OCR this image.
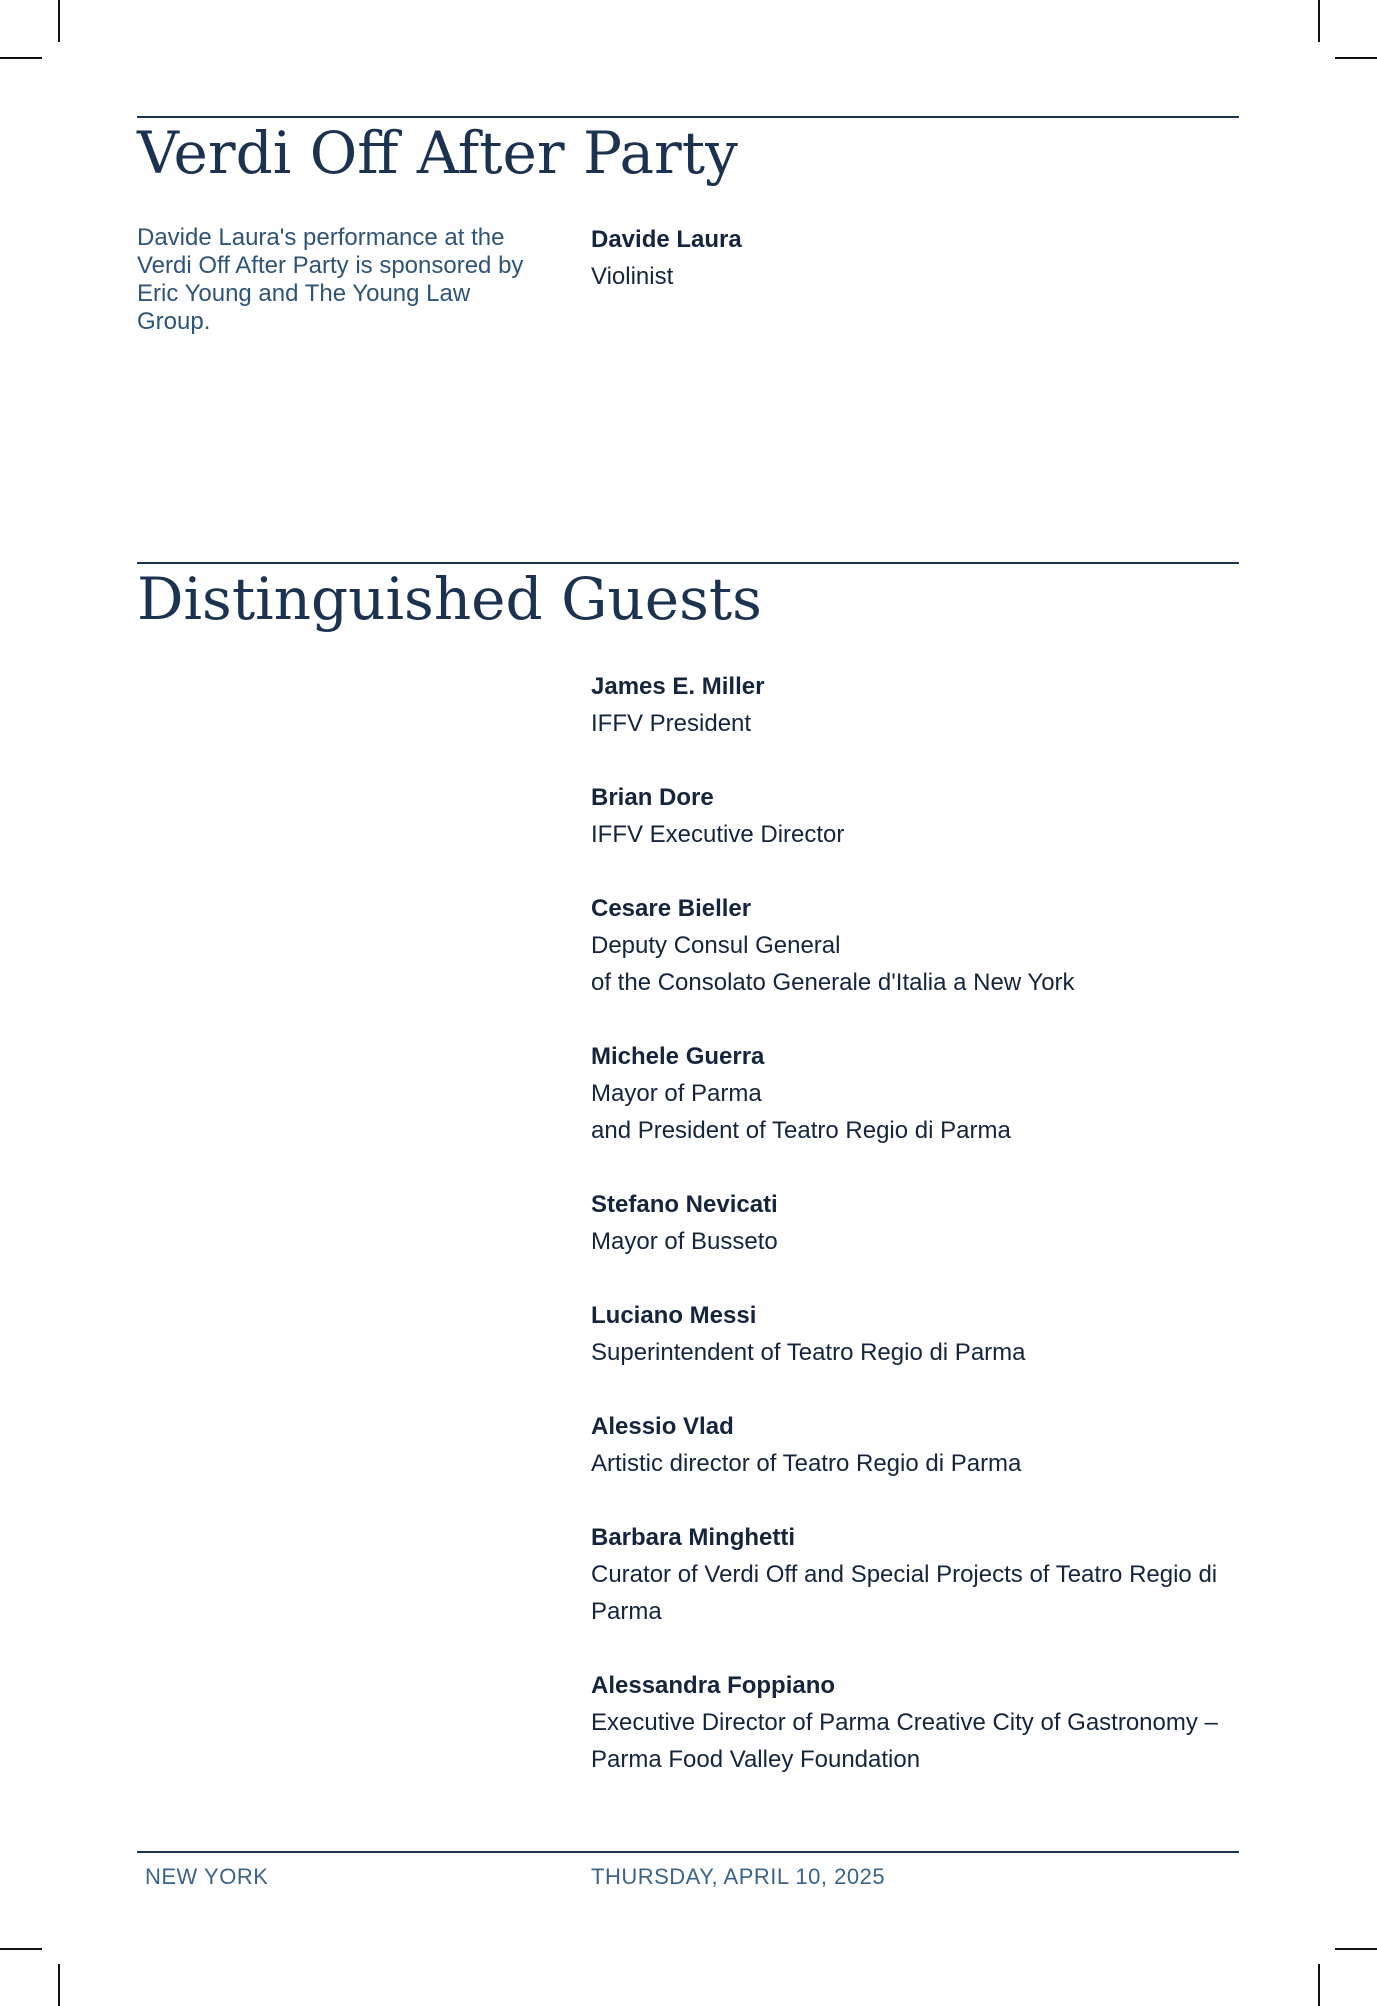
Verdi Off After Party

Davide Laura's performance at the Verdi Off After Party is sponsored by Eric Young and The Young Law Group.

Davide Laura
Violinist
Distinguished Guests
James E. Miller
IFFV President
Brian Dore
IFFV Executive Director
Cesare Bieller
Deputy Consul General
of the Consolato Generale d'Italia a New York
Michele Guerra
Mayor of Parma
and President of Teatro Regio di Parma
Stefano Nevicati
Mayor of Busseto
Luciano Messi
Superintendent of Teatro Regio di Parma
Alessio Vlad
Artistic director of Teatro Regio di Parma
Barbara Minghetti
Curator of Verdi Off and Special Projects of Teatro Regio di Parma
Alessandra Foppiano
Executive Director of Parma Creative City of Gastronomy – Parma Food Valley Foundation
NEW YORK	THURSDAY, APRIL 10, 2025
